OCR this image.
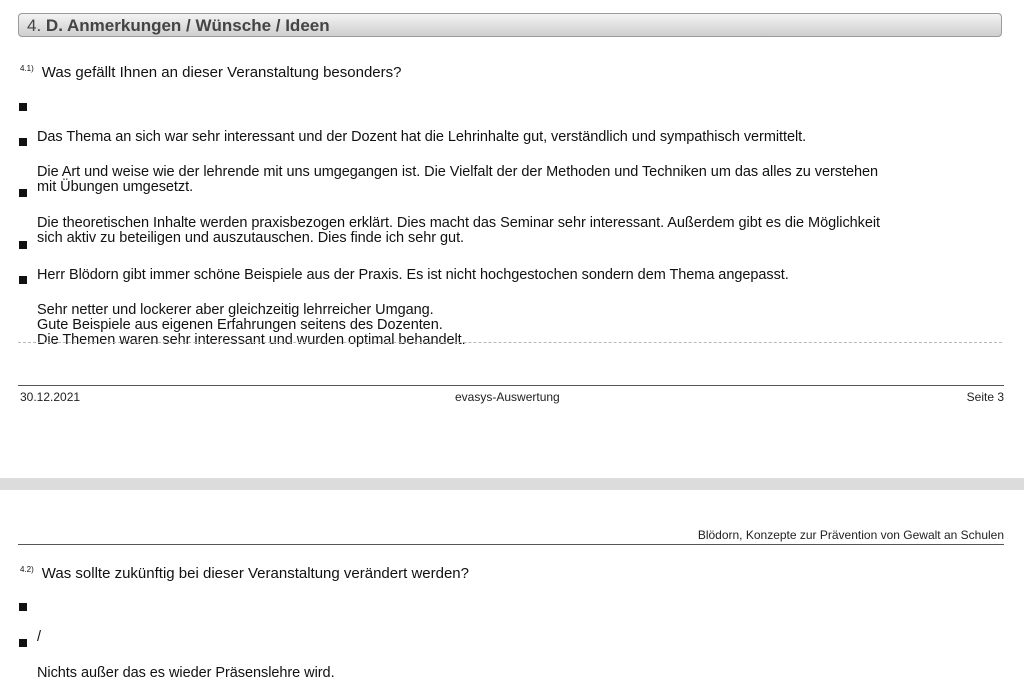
4. D. Anmerkungen / Wünsche / Ideen
$^{4.1)}$ Was gefällt Ihnen an dieser Veranstaltung besonders?

Das Thema an sich war sehr interessant und der Dozent hat die Lehrinhalte gut, verständlich und sympathisch vermittelt.

Die Art und weise wie der lehrende mit uns umgegangen ist. Die Vielfalt der der Methoden und Techniken um das alles zu verstehen
mit Übungen umgesetzt.

Die theoretischen Inhalte werden praxisbezogen erklärt. Dies macht das Seminar sehr interessant. Außerdem gibt es die Möglichkeit
sich aktiv zu beteiligen und auszutauschen. Dies finde ich sehr gut.

Herr Blödorn gibt immer schöne Beispiele aus der Praxis. Es ist nicht hochgestochen sondern dem Thema angepasst.

Sehr netter und lockerer aber gleichzeitig lehrreicher Umgang.
Gute Beispiele aus eigenen Erfahrungen seitens des Dozenten.
Die Themen waren sehr interessant und wurden optimal behandelt.

30.12.2021	evasys-Auswertung	Seite 3
Blödorn, Konzepte zur Prävention von Gewalt an Schulen
$^{4.2)}$ Was sollte zukünftig bei dieser Veranstaltung verändert werden?

/

Nichts außer das es wieder Präsenslehre wird.
